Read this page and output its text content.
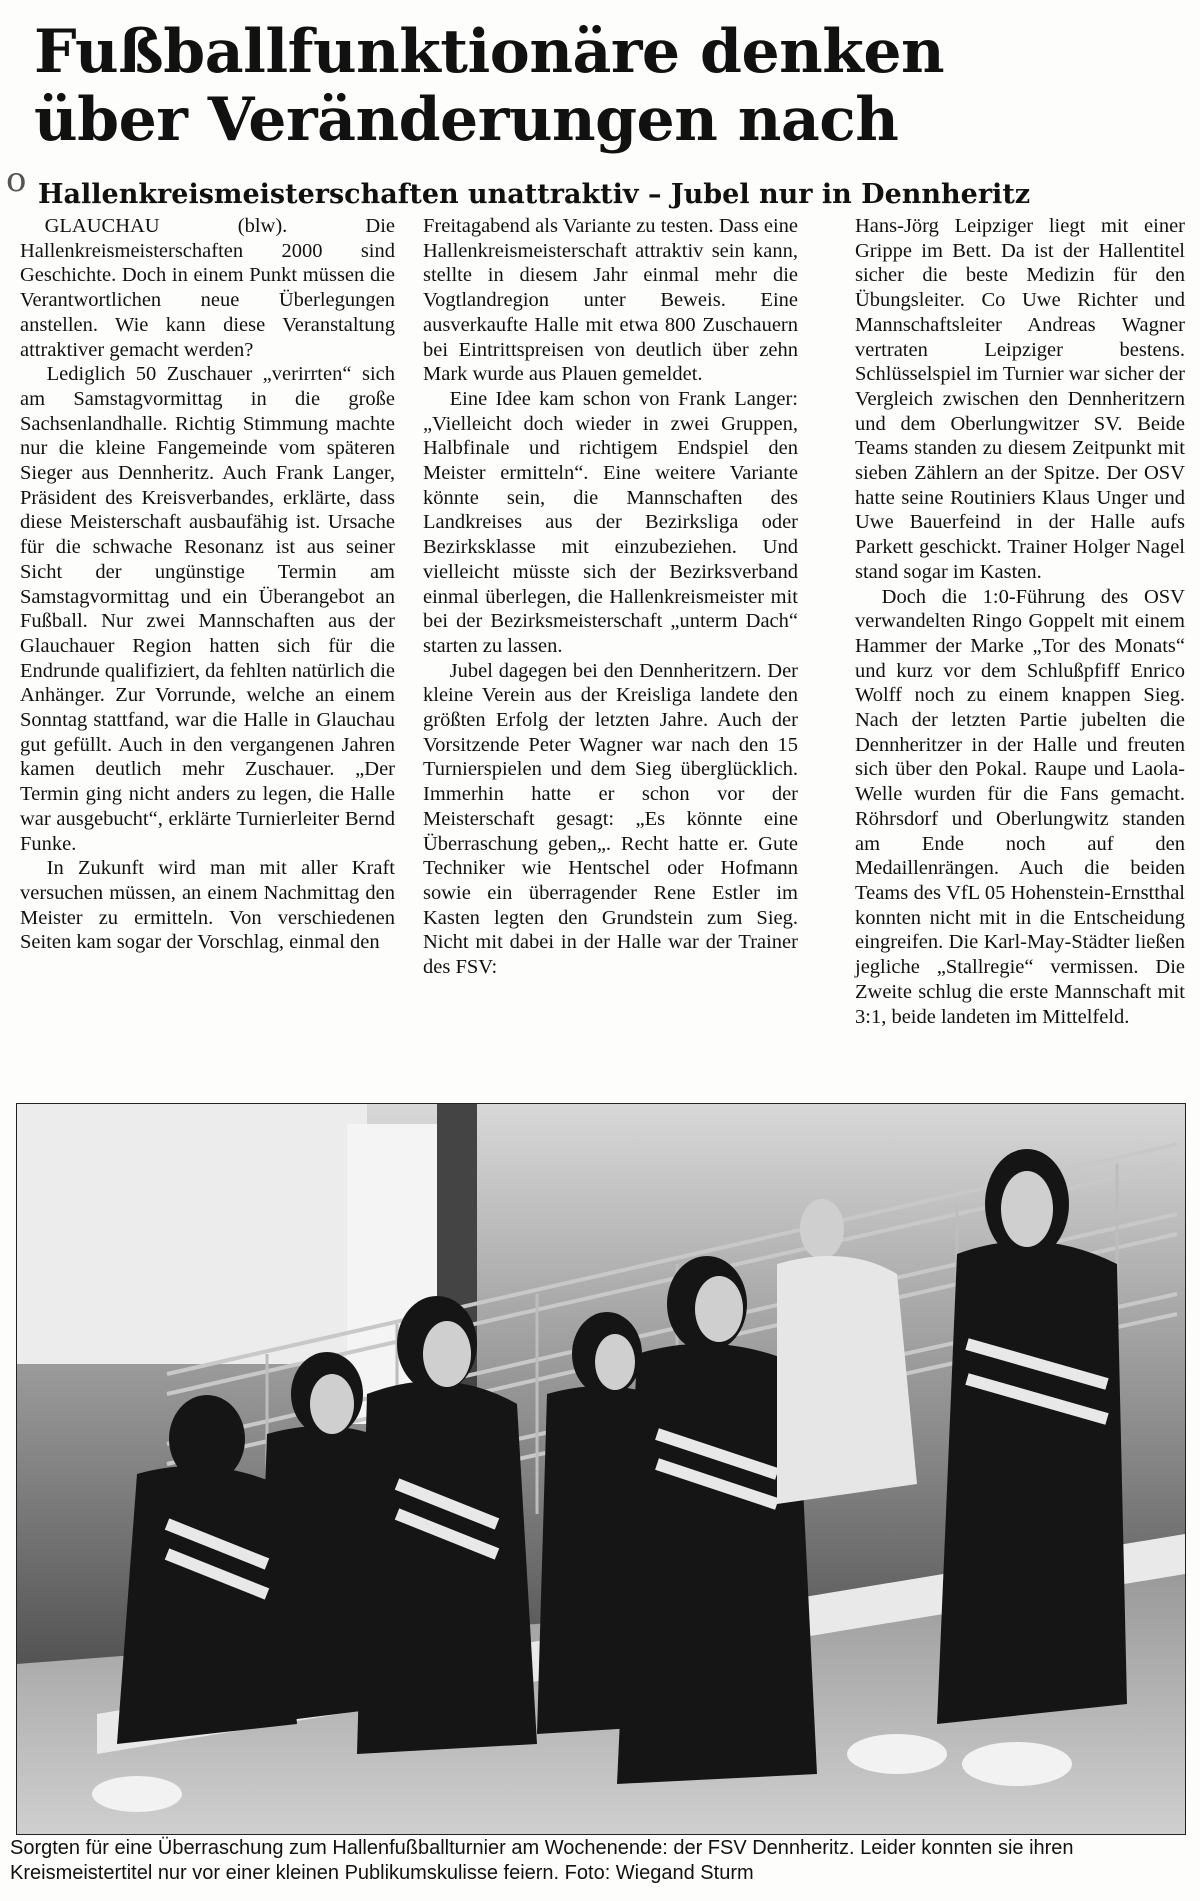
Fußballfunktionäre denken
über Veränderungen nach
o Hallenkreismeisterschaften unattraktiv – Jubel nur in Dennheritz

GLAUCHAU (blw). Die Hallenkreismeisterschaften 2000 sind Geschichte. Doch in einem Punkt müssen die Verantwortlichen neue Überlegungen anstellen. Wie kann diese Veranstaltung attraktiver gemacht werden?

Lediglich 50 Zuschauer „verirrten“ sich am Samstagvormittag in die große Sachsenlandhalle. Richtig Stimmung machte nur die kleine Fangemeinde vom späteren Sieger aus Dennheritz. Auch Frank Langer, Präsident des Kreisverbandes, erklärte, dass diese Meisterschaft ausbaufähig ist. Ursache für die schwache Resonanz ist aus seiner Sicht der ungünstige Termin am Samstagvormittag und ein Überangebot an Fußball. Nur zwei Mannschaften aus der Glauchauer Region hatten sich für die Endrunde qualifiziert, da fehlten natürlich die Anhänger. Zur Vorrunde, welche an einem Sonntag stattfand, war die Halle in Glauchau gut gefüllt. Auch in den vergangenen Jahren kamen deutlich mehr Zuschauer. „Der Termin ging nicht anders zu legen, die Halle war ausgebucht“, erklärte Turnierleiter Bernd Funke.

In Zukunft wird man mit aller Kraft versuchen müssen, an einem Nachmittag den Meister zu ermitteln. Von verschiedenen Seiten kam sogar der Vorschlag, einmal den

Freitagabend als Variante zu testen. Dass eine Hallenkreismeisterschaft attraktiv sein kann, stellte in diesem Jahr einmal mehr die Vogtlandregion unter Beweis. Eine ausverkaufte Halle mit etwa 800 Zuschauern bei Eintrittspreisen von deutlich über zehn Mark wurde aus Plauen gemeldet.

Eine Idee kam schon von Frank Langer: „Vielleicht doch wieder in zwei Gruppen, Halbfinale und richtigem Endspiel den Meister ermitteln“. Eine weitere Variante könnte sein, die Mannschaften des Landkreises aus der Bezirksliga oder Bezirksklasse mit einzubeziehen. Und vielleicht müsste sich der Bezirksverband einmal überlegen, die Hallenkreismeister mit bei der Bezirksmeisterschaft „unterm Dach“ starten zu lassen.

Jubel dagegen bei den Dennheritzern. Der kleine Verein aus der Kreisliga landete den größten Erfolg der letzten Jahre. Auch der Vorsitzende Peter Wagner war nach den 15 Turnierspielen und dem Sieg überglücklich. Immerhin hatte er schon vor der Meisterschaft gesagt: „Es könnte eine Überraschung geben„. Recht hatte er. Gute Techniker wie Hentschel oder Hofmann sowie ein überragender Rene Estler im Kasten legten den Grundstein zum Sieg. Nicht mit dabei in der Halle war der Trainer des FSV:

Hans-Jörg Leipziger liegt mit einer Grippe im Bett. Da ist der Hallentitel sicher die beste Medizin für den Übungsleiter. Co Uwe Richter und Mannschaftsleiter Andreas Wagner vertraten Leipziger bestens. Schlüsselspiel im Turnier war sicher der Vergleich zwischen den Dennheritzern und dem Oberlungwitzer SV. Beide Teams standen zu diesem Zeitpunkt mit sieben Zählern an der Spitze. Der OSV hatte seine Routiniers Klaus Unger und Uwe Bauerfeind in der Halle aufs Parkett geschickt. Trainer Holger Nagel stand sogar im Kasten.

Doch die 1:0-Führung des OSV verwandelten Ringo Goppelt mit einem Hammer der Marke „Tor des Monats“ und kurz vor dem Schlußpfiff Enrico Wolff noch zu einem knappen Sieg. Nach der letzten Partie jubelten die Dennheritzer in der Halle und freuten sich über den Pokal. Raupe und Laola-Welle wurden für die Fans gemacht. Röhrsdorf und Oberlungwitz standen am Ende noch auf den Medaillenrängen. Auch die beiden Teams des VfL 05 Hohenstein-Ernstthal konnten nicht mit in die Entscheidung eingreifen. Die Karl-May-Städter ließen jegliche „Stallregie“ vermissen. Die Zweite schlug die erste Mannschaft mit 3:1, beide landeten im Mittelfeld.

Sorgten für eine Überraschung zum Hallenfußballturnier am Wochenende: der FSV Dennheritz. Leider konnten sie ihren Kreismeistertitel nur vor einer kleinen Publikumskulisse feiern. Foto: Wiegand Sturm
